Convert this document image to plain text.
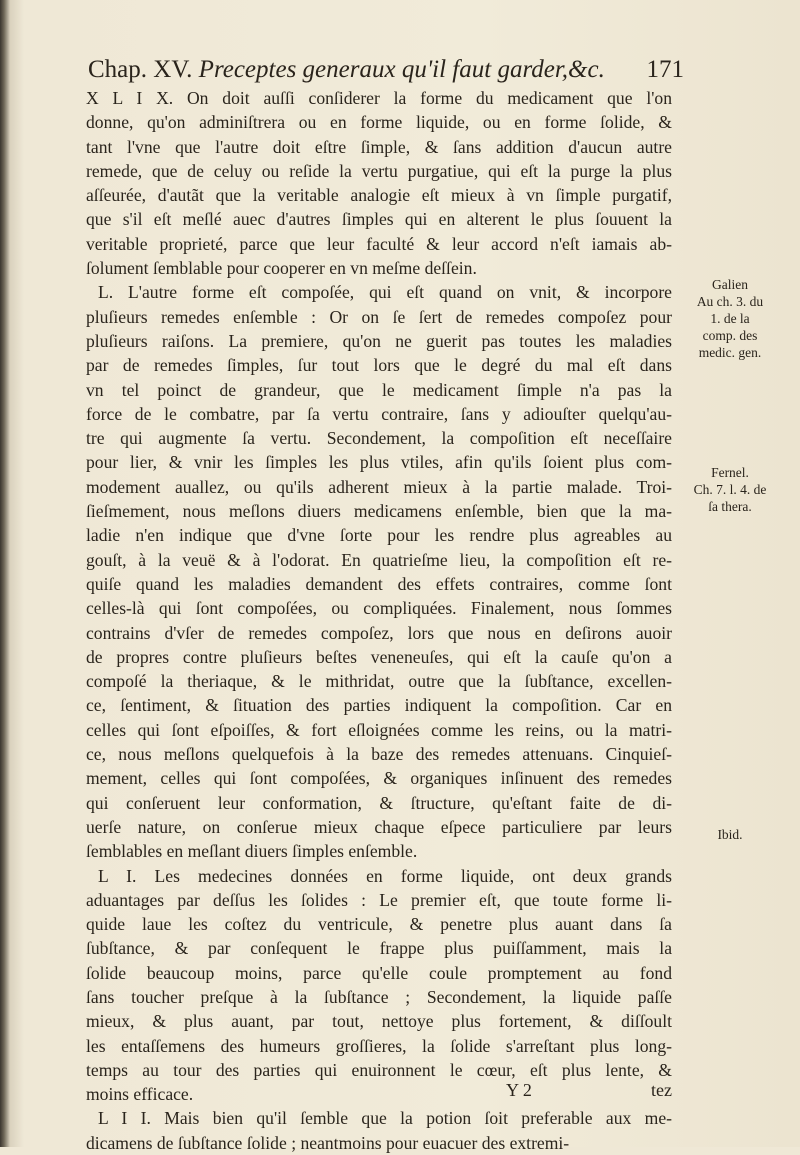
Chap. XV. Preceptes generaux qu'il faut garder,&c. 171
X L I X. On doit auſſi conſiderer la forme du medicament que l'on
donne, qu'on adminiſtrera ou en forme liquide, ou en forme ſolide, &
tant l'vne que l'autre doit eſtre ſimple, & ſans addition d'aucun autre
remede, que de celuy ou reſide la vertu purgatiue, qui eſt la purge la plus
aſſeurée, d'autãt que la veritable analogie eſt mieux à vn ſimple purgatif,
que s'il eſt meſlé auec d'autres ſimples qui en alterent le plus ſouuent la
veritable proprieté, parce que leur faculté & leur accord n'eſt iamais ab-
ſolument ſemblable pour cooperer en vn meſme deſſein.
L. L'autre forme eſt compoſée, qui eſt quand on vnit, & incorpore
pluſieurs remedes enſemble : Or on ſe ſert de remedes compoſez pour
pluſieurs raiſons. La premiere, qu'on ne guerit pas toutes les maladies
par de remedes ſimples, ſur tout lors que le degré du mal eſt dans
vn tel poinct de grandeur, que le medicament ſimple n'a pas la
force de le combatre, par ſa vertu contraire, ſans y adiouſter quelqu'au-
tre qui augmente ſa vertu. Secondement, la compoſition eſt neceſſaire
pour lier, & vnir les ſimples les plus vtiles, afin qu'ils ſoient plus com-
modement auallez, ou qu'ils adherent mieux à la partie malade. Troi-
ſieſmement, nous meſlons diuers medicamens enſemble, bien que la ma-
ladie n'en indique que d'vne ſorte pour les rendre plus agreables au
gouſt, à la veuë & à l'odorat. En quatrieſme lieu, la compoſition eſt re-
quiſe quand les maladies demandent des effets contraires, comme ſont
celles-là qui ſont compoſées, ou compliquées. Finalement, nous ſommes
contrains d'vſer de remedes compoſez, lors que nous en deſirons auoir
de propres contre pluſieurs beſtes veneneuſes, qui eſt la cauſe qu'on a
compoſé la theriaque, & le mithridat, outre que la ſubſtance, excellen-
ce, ſentiment, & ſituation des parties indiquent la compoſition. Car en
celles qui ſont eſpoiſſes, & fort eſloignées comme les reins, ou la matri-
ce, nous meſlons quelquefois à la baze des remedes attenuans. Cinquieſ-
mement, celles qui ſont compoſées, & organiques inſinuent des remedes
qui conſeruent leur conformation, & ſtructure, qu'eſtant faite de di-
uerſe nature, on conſerue mieux chaque eſpece particuliere par leurs
ſemblables en meſlant diuers ſimples enſemble.
L I. Les medecines données en forme liquide, ont deux grands
aduantages par deſſus les ſolides : Le premier eſt, que toute forme li-
quide laue les coſtez du ventricule, & penetre plus auant dans ſa
ſubſtance, & par conſequent le frappe plus puiſſamment, mais la
ſolide beaucoup moins, parce qu'elle coule promptement au fond
ſans toucher preſque à la ſubſtance ; Secondement, la liquide paſſe
mieux, & plus auant, par tout, nettoye plus fortement, & diſſoult
les entaſſemens des humeurs groſſieres, la ſolide s'arreſtant plus long-
temps au tour des parties qui enuironnent le cœur, eſt plus lente, &
moins efficace.
L I I. Mais bien qu'il ſemble que la potion ſoit preferable aux me-
dicamens de ſubſtance ſolide ; neantmoins pour euacuer des extremi-
Galien
Au ch. 3. du
1. de la
comp. des
medic. gen.
Fernel.
Ch. 7. l. 4. de
ſa thera.
Ibid.
Y 2	tez
